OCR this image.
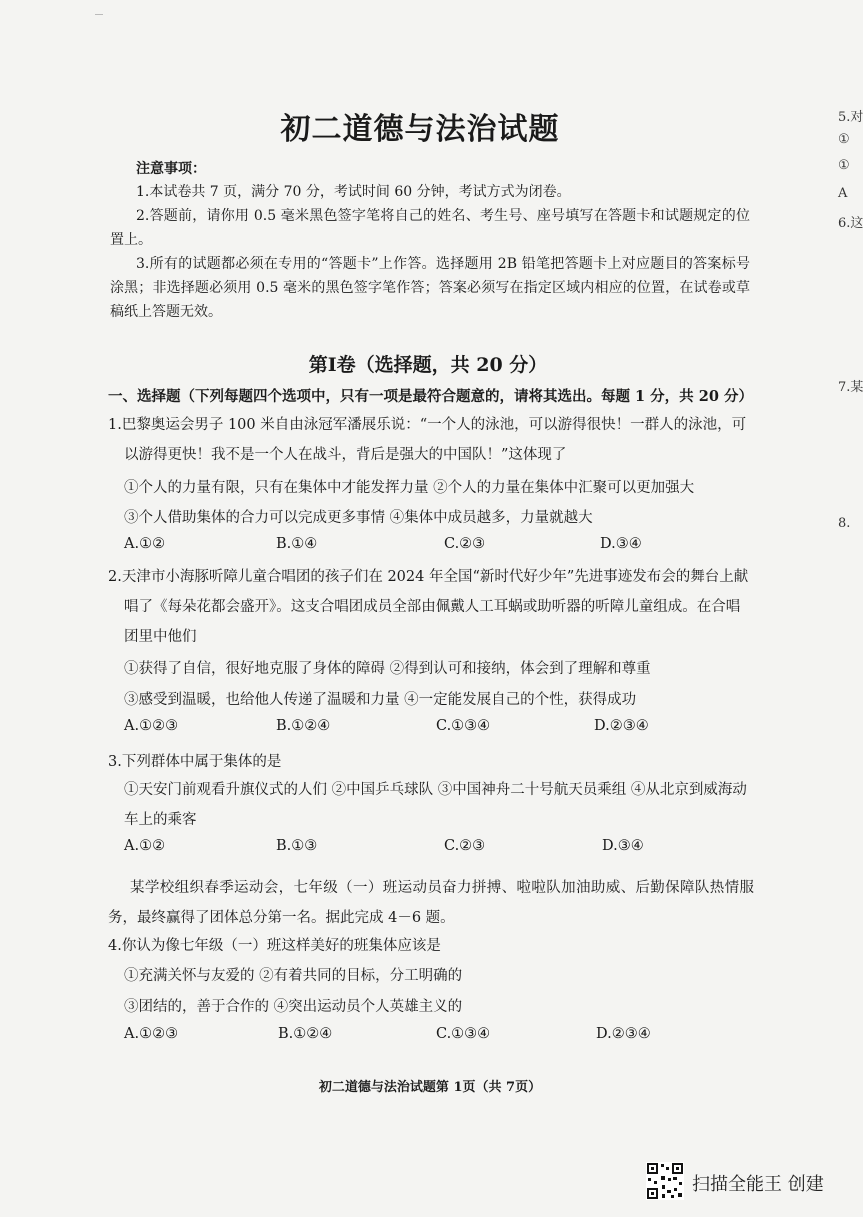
初二道德与法治试题
注意事项：
1.本试卷共 7 页，满分 70 分，考试时间 60 分钟，考试方式为闭卷。
2.答题前，请你用 0.5 毫米黑色签字笔将自己的姓名、考生号、座号填写在答题卡和试题规定的位置上。
3.所有的试题都必须在专用的“答题卡”上作答。选择题用 2B 铅笔把答题卡上对应题目的答案标号涂黑；非选择题必须用 0.5 毫米的黑色签字笔作答；答案必须写在指定区域内相应的位置，在试卷或草稿纸上答题无效。
第Ⅰ卷（选择题，共 20 分）
一、选择题（下列每题四个选项中，只有一项是最符合题意的，请将其选出。每题 1 分，共 20 分）
1.巴黎奥运会男子 100 米自由泳冠军潘展乐说：“一个人的泳池，可以游得很快！一群人的泳池，可以游得更快！我不是一个人在战斗，背后是强大的中国队！”这体现了
①个人的力量有限，只有在集体中才能发挥力量 ②个人的力量在集体中汇聚可以更加强大
③个人借助集体的合力可以完成更多事情 ④集体中成员越多，力量就越大
A.①②	B.①④	C.②③	D.③④
2.天津市小海豚听障儿童合唱团的孩子们在 2024 年全国“新时代好少年”先进事迹发布会的舞台上献唱了《每朵花都会盛开》。这支合唱团成员全部由佩戴人工耳蜗或助听器的听障儿童组成。在合唱团里中他们
①获得了自信，很好地克服了身体的障碍 ②得到认可和接纳，体会到了理解和尊重
③感受到温暖，也给他人传递了温暖和力量 ④一定能发展自己的个性，获得成功
A.①②③	B.①②④	C.①③④	D.②③④
3.下列群体中属于集体的是
①天安门前观看升旗仪式的人们 ②中国乒乓球队 ③中国神舟二十号航天员乘组 ④从北京到威海动车上的乘客
A.①②	B.①③	C.②③	D.③④
某学校组织春季运动会，七年级（一）班运动员奋力拼搏、啦啦队加油助威、后勤保障队热情服务，最终赢得了团体总分第一名。据此完成 4－6 题。
4.你认为像七年级（一）班这样美好的班集体应该是
①充满关怀与友爱的 ②有着共同的目标，分工明确的
③团结的，善于合作的 ④突出运动员个人英雄主义的
A.①②③	B.①②④	C.①③④	D.②③④
初二道德与法治试题第 1页（共 7页）
5.对
①
①
A
6.这
7.某
8.
扫描全能王 创建
